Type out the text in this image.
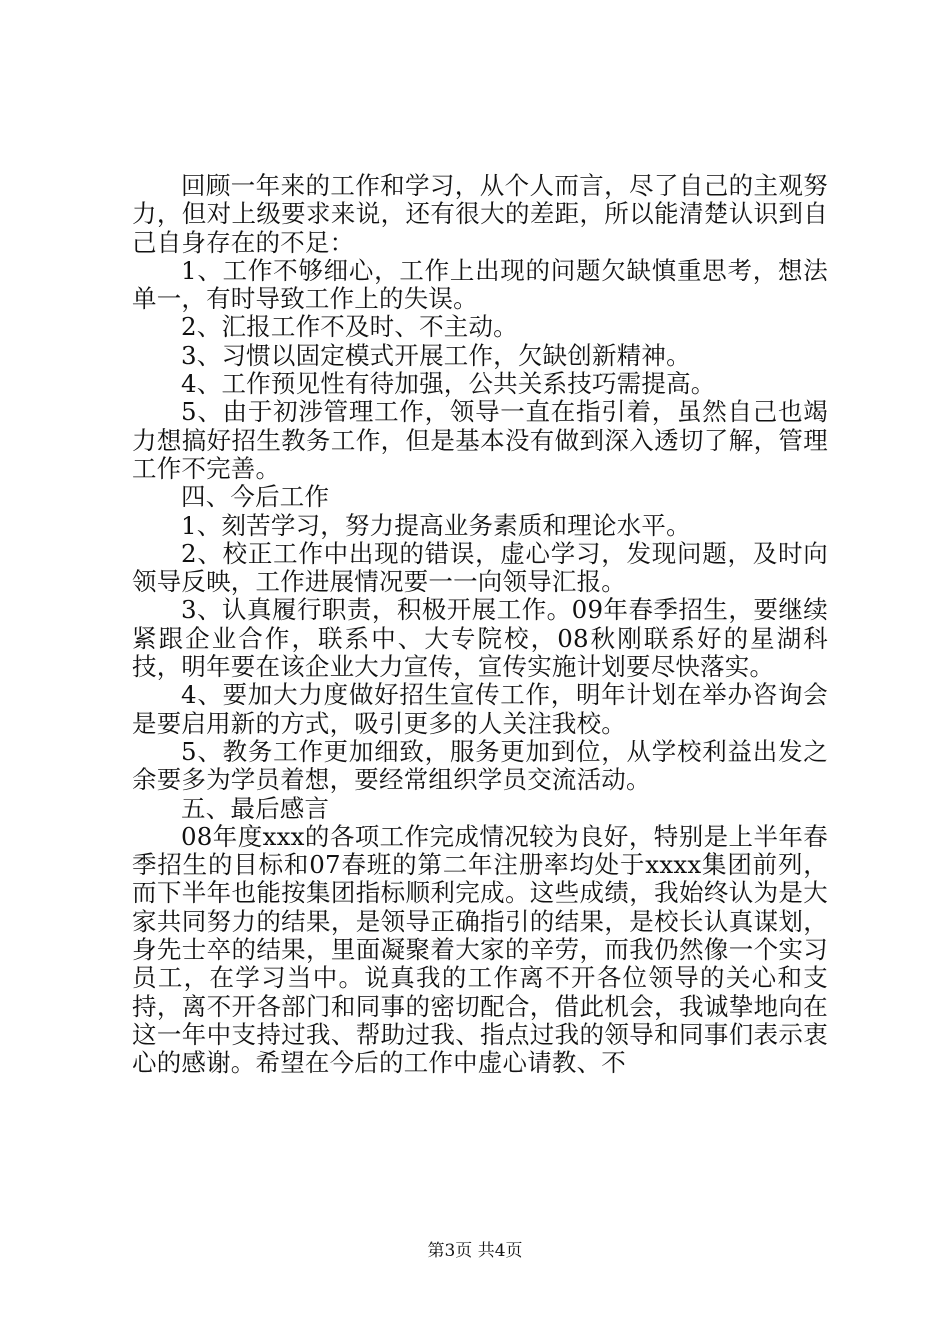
回顾一年来的工作和学习，从个人而言，尽了自己的主观努力，但对上级要求来说，还有很大的差距，所以能清楚认识到自己自身存在的不足：

1、工作不够细心，工作上出现的问题欠缺慎重思考，想法单一，有时导致工作上的失误。

2、汇报工作不及时、不主动。

3、习惯以固定模式开展工作，欠缺创新精神。

4、工作预见性有待加强，公共关系技巧需提高。

5、由于初涉管理工作，领导一直在指引着，虽然自己也竭力想搞好招生教务工作，但是基本没有做到深入透切了解，管理工作不完善。

四、今后工作

1、刻苦学习，努力提高业务素质和理论水平。

2、校正工作中出现的错误，虚心学习，发现问题，及时向领导反映，工作进展情况要一一向领导汇报。

3、认真履行职责，积极开展工作。09年春季招生，要继续紧跟企业合作，联系中、大专院校，08秋刚联系好的星湖科技，明年要在该企业大力宣传，宣传实施计划要尽快落实。

4、要加大力度做好招生宣传工作，明年计划在举办咨询会是要启用新的方式，吸引更多的人关注我校。

5、教务工作更加细致，服务更加到位，从学校利益出发之余要多为学员着想，要经常组织学员交流活动。

五、最后感言

08年度xxx的各项工作完成情况较为良好，特别是上半年春季招生的目标和07春班的第二年注册率均处于xxxx集团前列，而下半年也能按集团指标顺利完成。这些成绩，我始终认为是大家共同努力的结果，是领导正确指引的结果，是校长认真谋划，身先士卒的结果，里面凝聚着大家的辛劳，而我仍然像一个实习员工，在学习当中。说真我的工作离不开各位领导的关心和支持，离不开各部门和同事的密切配合，借此机会，我诚挚地向在这一年中支持过我、帮助过我、指点过我的领导和同事们表示衷心的感谢。希望在今后的工作中虚心请教、不

第3页 共4页
